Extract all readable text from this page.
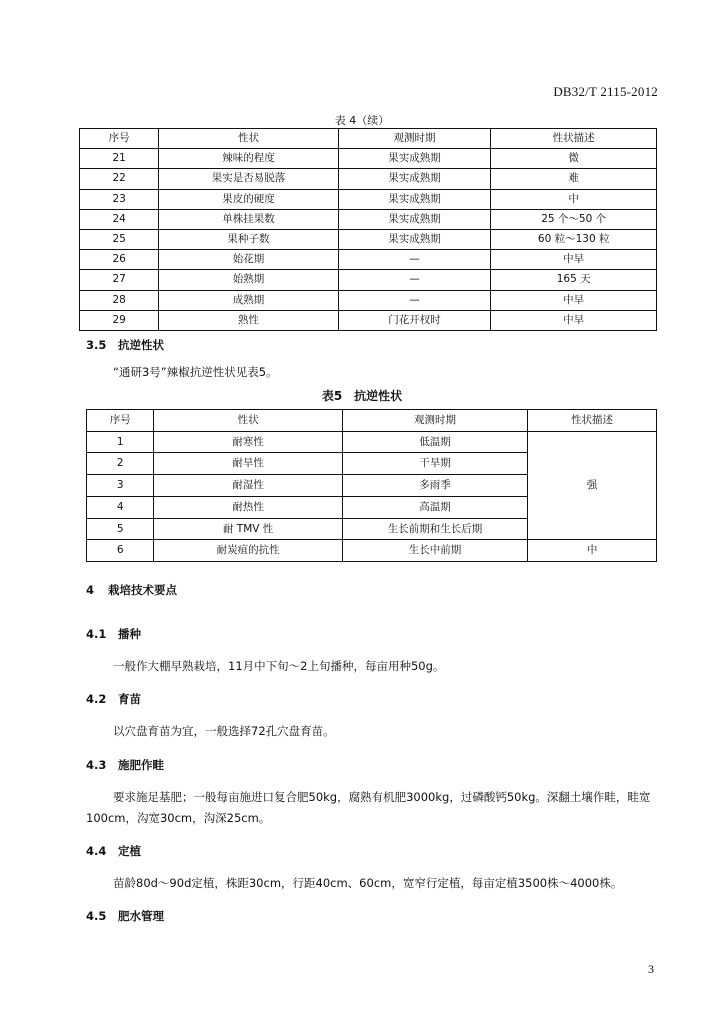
DB32/T 2115-2012
表 4（续）
序号	性状	观测时期	性状描述
21	辣味的程度	果实成熟期	微
22	果实是否易脱落	果实成熟期	难
23	果皮的硬度	果实成熟期	中
24	单株挂果数	果实成熟期	25 个～50 个
25	果种子数	果实成熟期	60 粒～130 粒
26	始花期	—	中早
27	始熟期	—	165 天
28	成熟期	—	中早
29	熟性	门花开杈时	中早
3.5 抗逆性状
“通研3号”辣椒抗逆性状见表5。
表5　抗逆性状
序号	性状	观测时期	性状描述
1	耐寒性	低温期	强
2	耐旱性	干旱期	
3	耐湿性	多雨季	
4	耐热性	高温期	
5	耐 TMV 性	生长前期和生长后期	
6	耐炭疽的抗性	生长中前期	中
4 栽培技术要点
4.1 播种
一般作大棚早熟栽培，11月中下旬～2上旬播种，每亩用种50g。
4.2 育苗
以穴盘育苗为宜，一般选择72孔穴盘育苗。
4.3 施肥作畦
要求施足基肥；一般每亩施进口复合肥50kg，腐熟有机肥3000kg，过磷酸钙50kg。深翻土壤作畦，畦宽100cm，沟宽30cm，沟深25cm。
4.4 定植
苗龄80d～90d定植，株距30cm，行距40cm、60cm，宽窄行定植，每亩定植3500株～4000株。
4.5 肥水管理
3
